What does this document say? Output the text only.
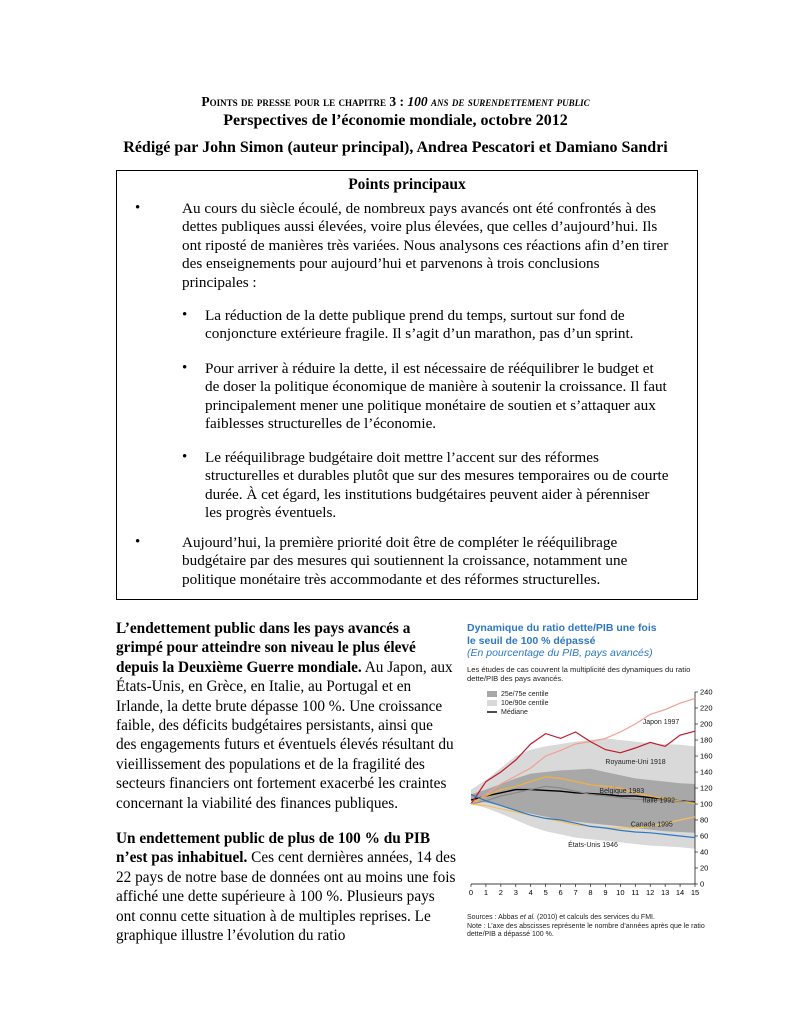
Points de presse pour le chapitre 3 : 100 ans de surendettement public
Perspectives de l’économie mondiale, octobre 2012
Rédigé par John Simon (auteur principal), Andrea Pescatori et Damiano Sandri
Points principaux
•	Au cours du siècle écoulé, de nombreux pays avancés ont été confrontés à des
dettes publiques aussi élevées, voire plus élevées, que celles d’aujourd’hui. Ils
ont riposté de manières très variées. Nous analysons ces réactions afin d’en tirer
des enseignements pour aujourd’hui et parvenons à trois conclusions
principales :
• La réduction de la dette publique prend du temps, surtout sur fond de
conjoncture extérieure fragile. Il s’agit d’un marathon, pas d’un sprint.
• Pour arriver à réduire la dette, il est nécessaire de rééquilibrer le budget et
de doser la politique économique de manière à soutenir la croissance. Il faut
principalement mener une politique monétaire de soutien et s’attaquer aux
faiblesses structurelles de l’économie.
• Le rééquilibrage budgétaire doit mettre l’accent sur des réformes
structurelles et durables plutôt que sur des mesures temporaires ou de courte
durée. À cet égard, les institutions budgétaires peuvent aider à pérenniser
les progrès éventuels.
•	Aujourd’hui, la première priorité doit être de compléter le rééquilibrage
budgétaire par des mesures qui soutiennent la croissance, notamment une
politique monétaire très accommodante et des réformes structurelles.

L’endettement public dans les pays avancés a grimpé pour atteindre son niveau le plus élevé depuis la Deuxième Guerre mondiale. Au Japon, aux États-Unis, en Grèce, en Italie, au Portugal et en Irlande, la dette brute dépasse 100 %. Une croissance faible, des déficits budgétaires persistants, ainsi que des engagements futurs et éventuels élevés résultant du vieillissement des populations et de la fragilité des secteurs financiers ont fortement exacerbé les craintes concernant la viabilité des finances publiques.

Un endettement public de plus de 100 % du PIB n’est pas inhabituel. Ces cent dernières années, 14 des 22 pays de notre base de données ont au moins une fois affiché une dette supérieure à 100 %. Plusieurs pays ont connu cette situation à de multiples reprises. Le graphique illustre l’évolution du ratio

Dynamique du ratio dette/PIB une fois
le seuil de 100 % dépassé
(En pourcentage du PIB, pays avancés)
Les études de cas couvrent la multiplicité des dynamiques du ratio dette/PIB des pays avancés.
0
20
40
60
80
100
120
140
160
180
200
220
240
0 1 2 3 4 5 6 7 8 9 10 11 12 13 14 15
Japon 1997
Royaume-Uni 1918
Belgique 1983
Italie 1992
Canada 1995
États-Unis 1946
25e/75e centile
10e/90e centile
Médiane
Sources : Abbas et al. (2010) et calculs des services du FMI.
Note : L’axe des abscisses représente le nombre d’années après que le ratio dette/PIB a dépassé 100 %.
